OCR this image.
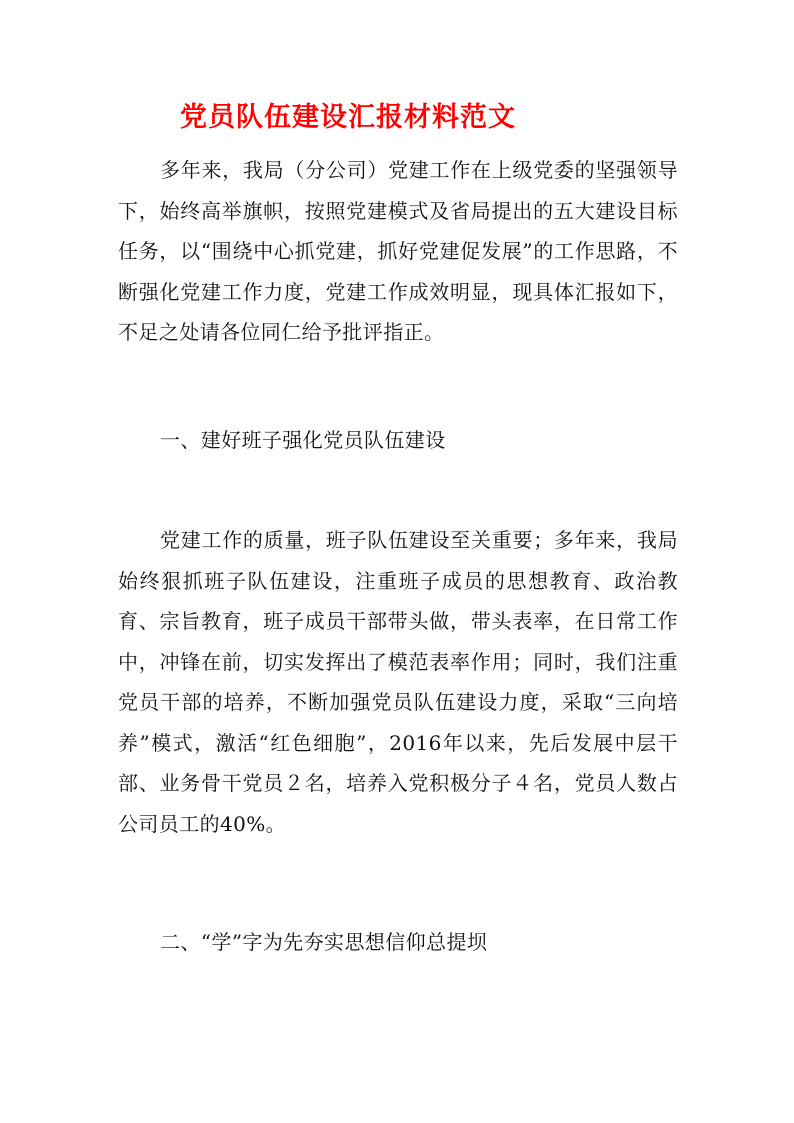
党员队伍建设汇报材料范文

多年来，我局（分公司）党建工作在上级党委的坚强领导下，始终高举旗帜，按照党建模式及省局提出的五大建设目标任务，以“围绕中心抓党建，抓好党建促发展”的工作思路，不断强化党建工作力度，党建工作成效明显，现具体汇报如下，不足之处请各位同仁给予批评指正。

一、建好班子强化党员队伍建设

党建工作的质量，班子队伍建设至关重要；多年来，我局始终狠抓班子队伍建设，注重班子成员的思想教育、政治教育、宗旨教育，班子成员干部带头做，带头表率，在日常工作中，冲锋在前，切实发挥出了模范表率作用；同时，我们注重党员干部的培养，不断加强党员队伍建设力度，采取“三向培养”模式，激活“红色细胞”，2016年以来，先后发展中层干部、业务骨干党员２名，培养入党积极分子４名，党员人数占公司员工的40%。

二、“学”字为先夯实思想信仰总提坝
